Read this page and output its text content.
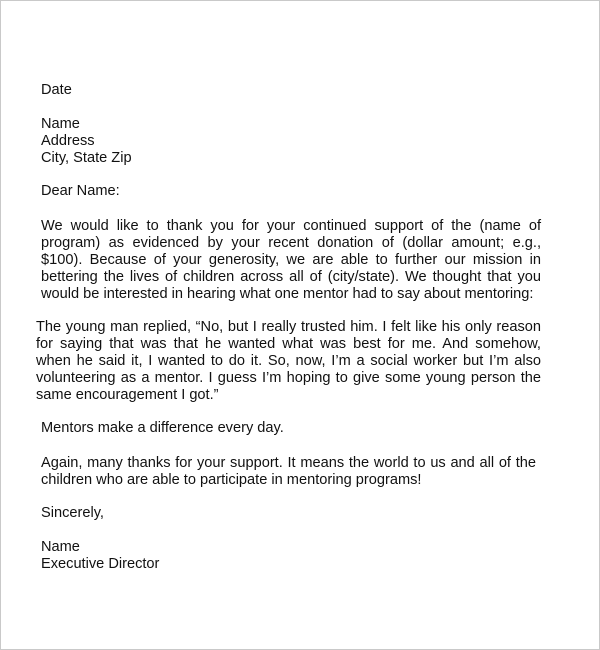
Date

Name
Address
City, State Zip

Dear Name:

We would like to thank you for your continued support of the (name of program) as evidenced by your recent donation of (dollar amount; e.g., $100). Because of your generosity, we are able to further our mission in bettering the lives of children across all of (city/state). We thought that you would be interested in hearing what one mentor had to say about mentoring:

The young man replied, “No, but I really trusted him. I felt like his only reason for saying that was that he wanted what was best for me. And somehow, when he said it, I wanted to do it. So, now, I’m a social worker but I’m also volunteering as a mentor. I guess I’m hoping to give some young person the same encouragement I got.”

Mentors make a difference every day.

Again, many thanks for your support. It means the world to us and all of the children who are able to participate in mentoring programs!

Sincerely,

Name
Executive Director
